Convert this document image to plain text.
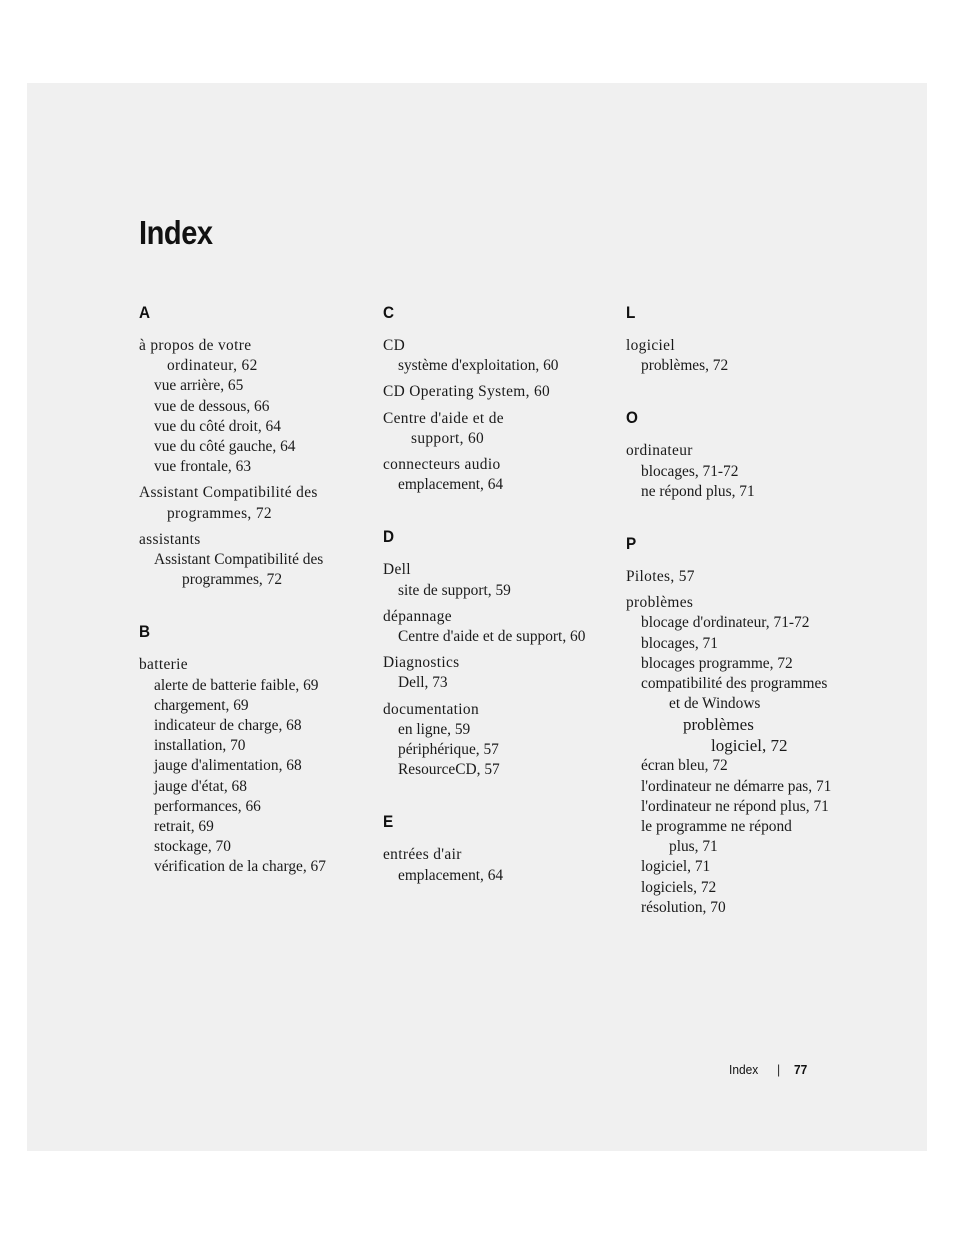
Index
A
à propos de votre
ordinateur, 62
vue arrière, 65
vue de dessous, 66
vue du côté droit, 64
vue du côté gauche, 64
vue frontale, 63
Assistant Compatibilité des
programmes, 72
assistants
Assistant Compatibilité des
programmes, 72
B
batterie
alerte de batterie faible, 69
chargement, 69
indicateur de charge, 68
installation, 70
jauge d'alimentation, 68
jauge d'état, 68
performances, 66
retrait, 69
stockage, 70
vérification de la charge, 67
C
CD
système d'exploitation, 60
CD Operating System, 60
Centre d'aide et de
support, 60
connecteurs audio
emplacement, 64
D
Dell
site de support, 59
dépannage
Centre d'aide et de support, 60
Diagnostics
Dell, 73
documentation
en ligne, 59
périphérique, 57
ResourceCD, 57
E
entrées d'air
emplacement, 64
L
logiciel
problèmes, 72
O
ordinateur
blocages, 71-72
ne répond plus, 71
P
Pilotes, 57
problèmes
blocage d'ordinateur, 71-72
blocages, 71
blocages programme, 72
compatibilité des programmes
et de Windows
problèmes
logiciel, 72
écran bleu, 72
l'ordinateur ne démarre pas, 71
l'ordinateur ne répond plus, 71
le programme ne répond
plus, 71
logiciel, 71
logiciels, 72
résolution, 70
Index | 77
